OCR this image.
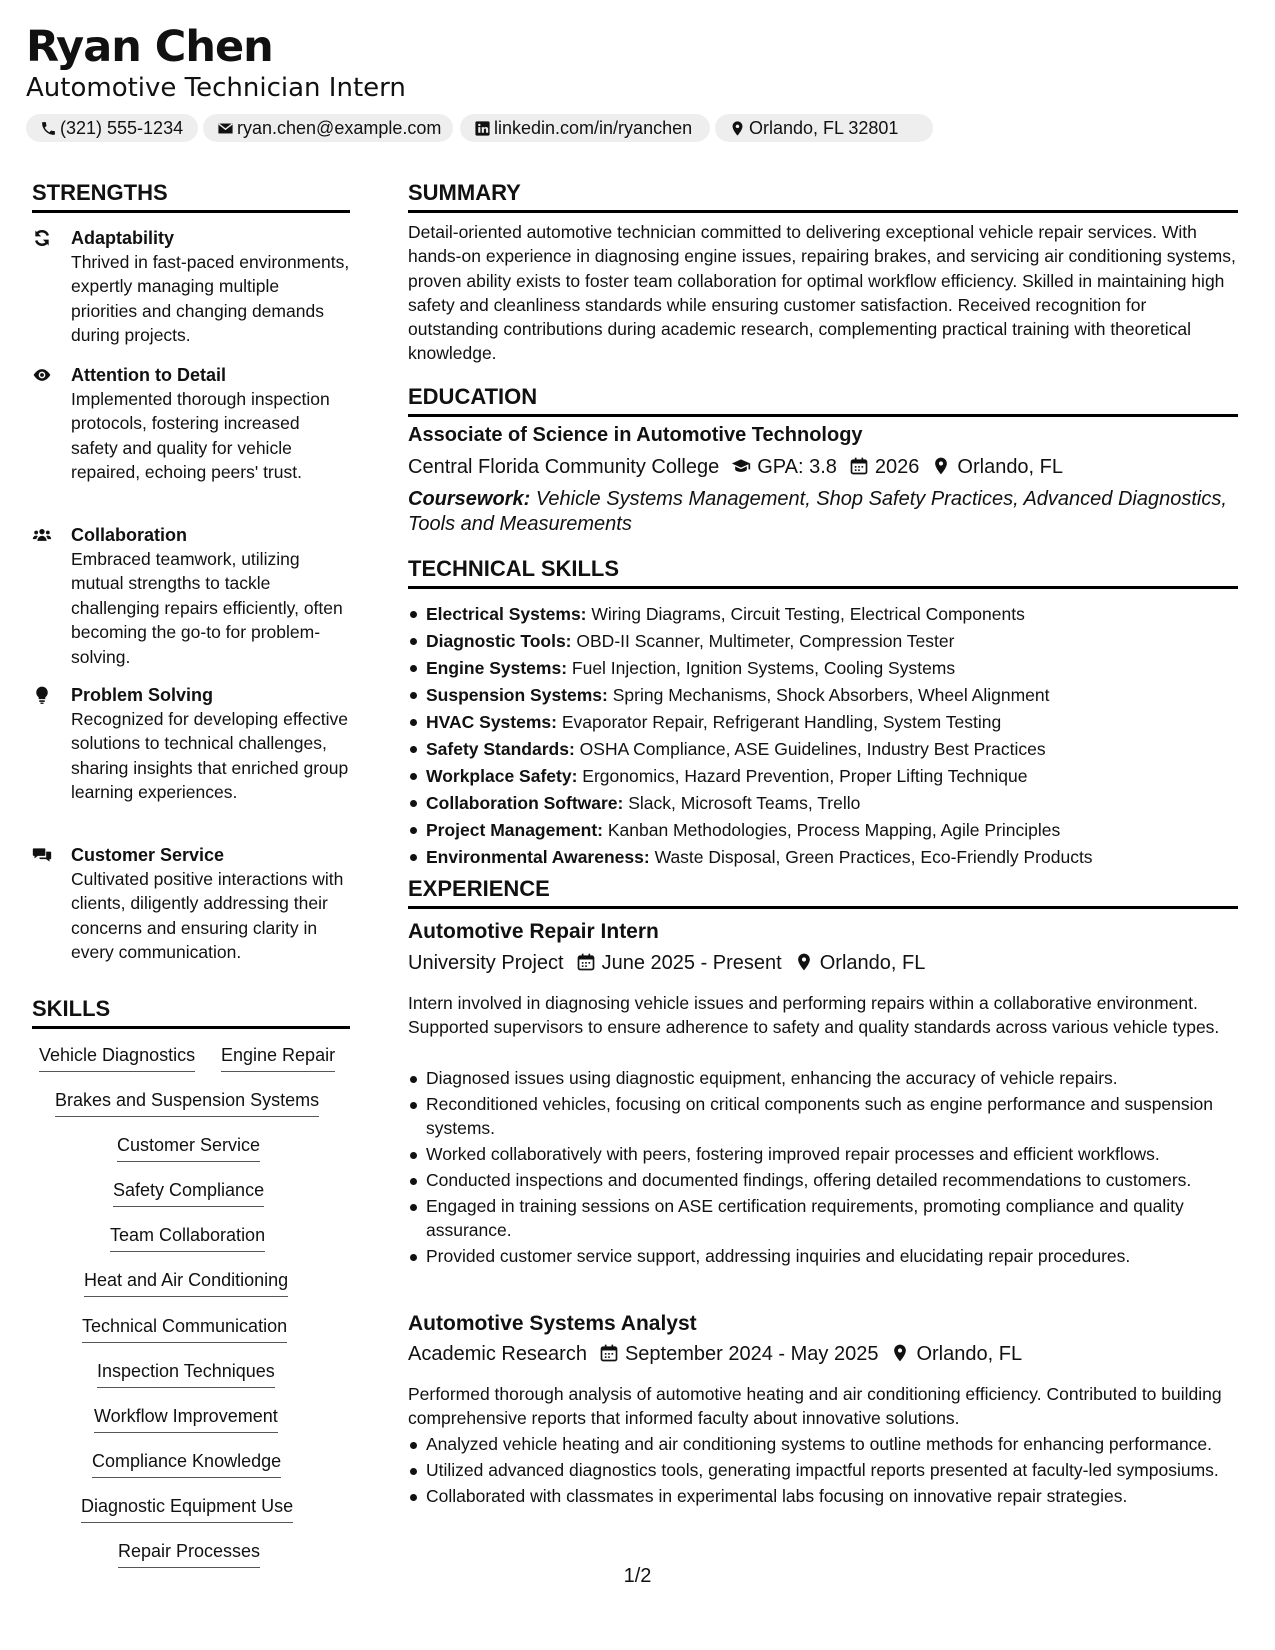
Ryan Chen
Automotive Technician Intern
(321) 555-1234	ryan.chen@example.com	linkedin.com/in/ryanchen	Orlando, FL 32801
STRENGTHS
Adaptability
Thrived in fast-paced environments, expertly managing multiple priorities and changing demands during projects.
Attention to Detail
Implemented thorough inspection protocols, fostering increased safety and quality for vehicle repaired, echoing peers' trust.
Collaboration
Embraced teamwork, utilizing mutual strengths to tackle challenging repairs efficiently, often becoming the go-to for problem-solving.
Problem Solving
Recognized for developing effective solutions to technical challenges, sharing insights that enriched group learning experiences.
Customer Service
Cultivated positive interactions with clients, diligently addressing their concerns and ensuring clarity in every communication.
SKILLS
Vehicle Diagnostics Engine Repair
Brakes and Suspension Systems
Customer Service
Safety Compliance
Team Collaboration
Heat and Air Conditioning
Technical Communication
Inspection Techniques
Workflow Improvement
Compliance Knowledge
Diagnostic Equipment Use
Repair Processes
SUMMARY

Detail-oriented automotive technician committed to delivering exceptional vehicle repair services. With hands-on experience in diagnosing engine issues, repairing brakes, and servicing air conditioning systems, proven ability exists to foster team collaboration for optimal workflow efficiency. Skilled in maintaining high safety and cleanliness standards while ensuring customer satisfaction. Received recognition for outstanding contributions during academic research, complementing practical training with theoretical knowledge.

EDUCATION
Associate of Science in Automotive Technology
Central Florida Community College GPA: 3.8 2026 Orlando, FL
Coursework: Vehicle Systems Management, Shop Safety Practices, Advanced Diagnostics, Tools and Measurements
TECHNICAL SKILLS
Electrical Systems: Wiring Diagrams, Circuit Testing, Electrical Components
Diagnostic Tools: OBD-II Scanner, Multimeter, Compression Tester
Engine Systems: Fuel Injection, Ignition Systems, Cooling Systems
Suspension Systems: Spring Mechanisms, Shock Absorbers, Wheel Alignment
HVAC Systems: Evaporator Repair, Refrigerant Handling, System Testing
Safety Standards: OSHA Compliance, ASE Guidelines, Industry Best Practices
Workplace Safety: Ergonomics, Hazard Prevention, Proper Lifting Technique
Collaboration Software: Slack, Microsoft Teams, Trello
Project Management: Kanban Methodologies, Process Mapping, Agile Principles
Environmental Awareness: Waste Disposal, Green Practices, Eco-Friendly Products
EXPERIENCE
Automotive Repair Intern
University Project June 2025 - Present Orlando, FL
Intern involved in diagnosing vehicle issues and performing repairs within a collaborative environment. Supported supervisors to ensure adherence to safety and quality standards across various vehicle types.
Diagnosed issues using diagnostic equipment, enhancing the accuracy of vehicle repairs.
Reconditioned vehicles, focusing on critical components such as engine performance and suspension systems.
Worked collaboratively with peers, fostering improved repair processes and efficient workflows.
Conducted inspections and documented findings, offering detailed recommendations to customers.
Engaged in training sessions on ASE certification requirements, promoting compliance and quality assurance.
Provided customer service support, addressing inquiries and elucidating repair procedures.
Automotive Systems Analyst
Academic Research September 2024 - May 2025 Orlando, FL
Performed thorough analysis of automotive heating and air conditioning efficiency. Contributed to building comprehensive reports that informed faculty about innovative solutions.
Analyzed vehicle heating and air conditioning systems to outline methods for enhancing performance.
Utilized advanced diagnostics tools, generating impactful reports presented at faculty-led symposiums.
Collaborated with classmates in experimental labs focusing on innovative repair strategies.
1/2
